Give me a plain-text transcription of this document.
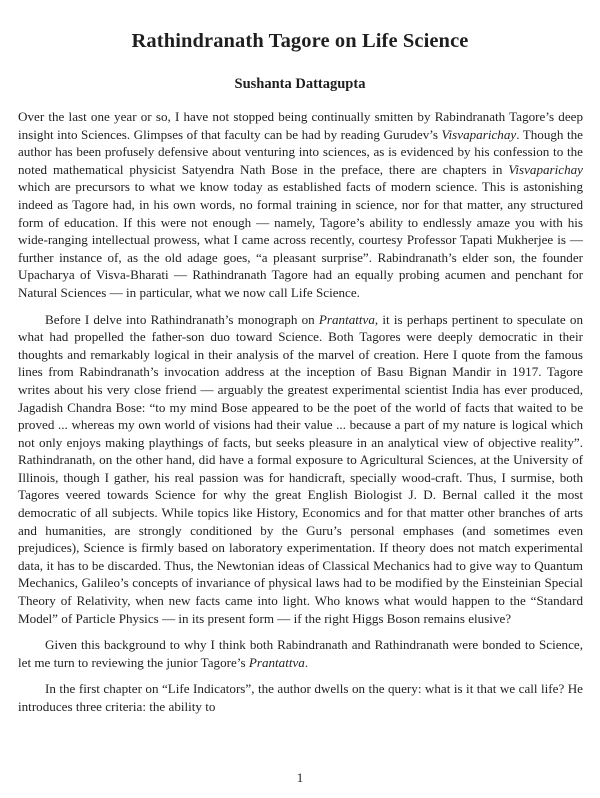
Rathindranath Tagore on Life Science
Sushanta Dattagupta

Over the last one year or so, I have not stopped being continually smitten by Rabindranath Tagore’s deep insight into Sciences. Glimpses of that faculty can be had by reading Gurudev’s Visvaparichay. Though the author has been profusely defensive about venturing into sciences, as is evidenced by his confession to the noted mathematical physicist Satyendra Nath Bose in the preface, there are chapters in Visvaparichay which are precursors to what we know today as established facts of modern science. This is astonishing indeed as Tagore had, in his own words, no formal training in science, nor for that matter, any structured form of education. If this were not enough — namely, Tagore’s ability to endlessly amaze you with his wide-ranging intellectual prowess, what I came across recently, courtesy Professor Tapati Mukherjee is — further instance of, as the old adage goes, “a pleasant surprise”. Rabindranath’s elder son, the founder Upacharya of Visva-Bharati — Rathindranath Tagore had an equally probing acumen and penchant for Natural Sciences — in particular, what we now call Life Science.

Before I delve into Rathindranath’s monograph on Prantattva, it is perhaps pertinent to speculate on what had propelled the father-son duo toward Science. Both Tagores were deeply democratic in their thoughts and remarkably logical in their analysis of the marvel of creation. Here I quote from the famous lines from Rabindranath’s invocation address at the inception of Basu Bignan Mandir in 1917. Tagore writes about his very close friend — arguably the greatest experimental scientist India has ever produced, Jagadish Chandra Bose: “to my mind Bose appeared to be the poet of the world of facts that waited to be proved ... whereas my own world of visions had their value ... because a part of my nature is logical which not only enjoys making playthings of facts, but seeks pleasure in an analytical view of objective reality”. Rathindranath, on the other hand, did have a formal exposure to Agricultural Sciences, at the University of Illinois, though I gather, his real passion was for handicraft, specially wood-craft. Thus, I surmise, both Tagores veered towards Science for why the great English Biologist J. D. Bernal called it the most democratic of all subjects. While topics like History, Economics and for that matter other branches of arts and humanities, are strongly conditioned by the Guru’s personal emphases (and sometimes even prejudices), Science is firmly based on laboratory experimentation. If theory does not match experimental data, it has to be discarded. Thus, the Newtonian ideas of Classical Mechanics had to give way to Quantum Mechanics, Galileo’s concepts of invariance of physical laws had to be modified by the Einsteinian Special Theory of Relativity, when new facts came into light. Who knows what would happen to the “Standard Model” of Particle Physics — in its present form — if the right Higgs Boson remains elusive?

Given this background to why I think both Rabindranath and Rathindranath were bonded to Science, let me turn to reviewing the junior Tagore’s Prantattva.

In the first chapter on “Life Indicators”, the author dwells on the query: what is it that we call life? He introduces three criteria: the ability to

1
